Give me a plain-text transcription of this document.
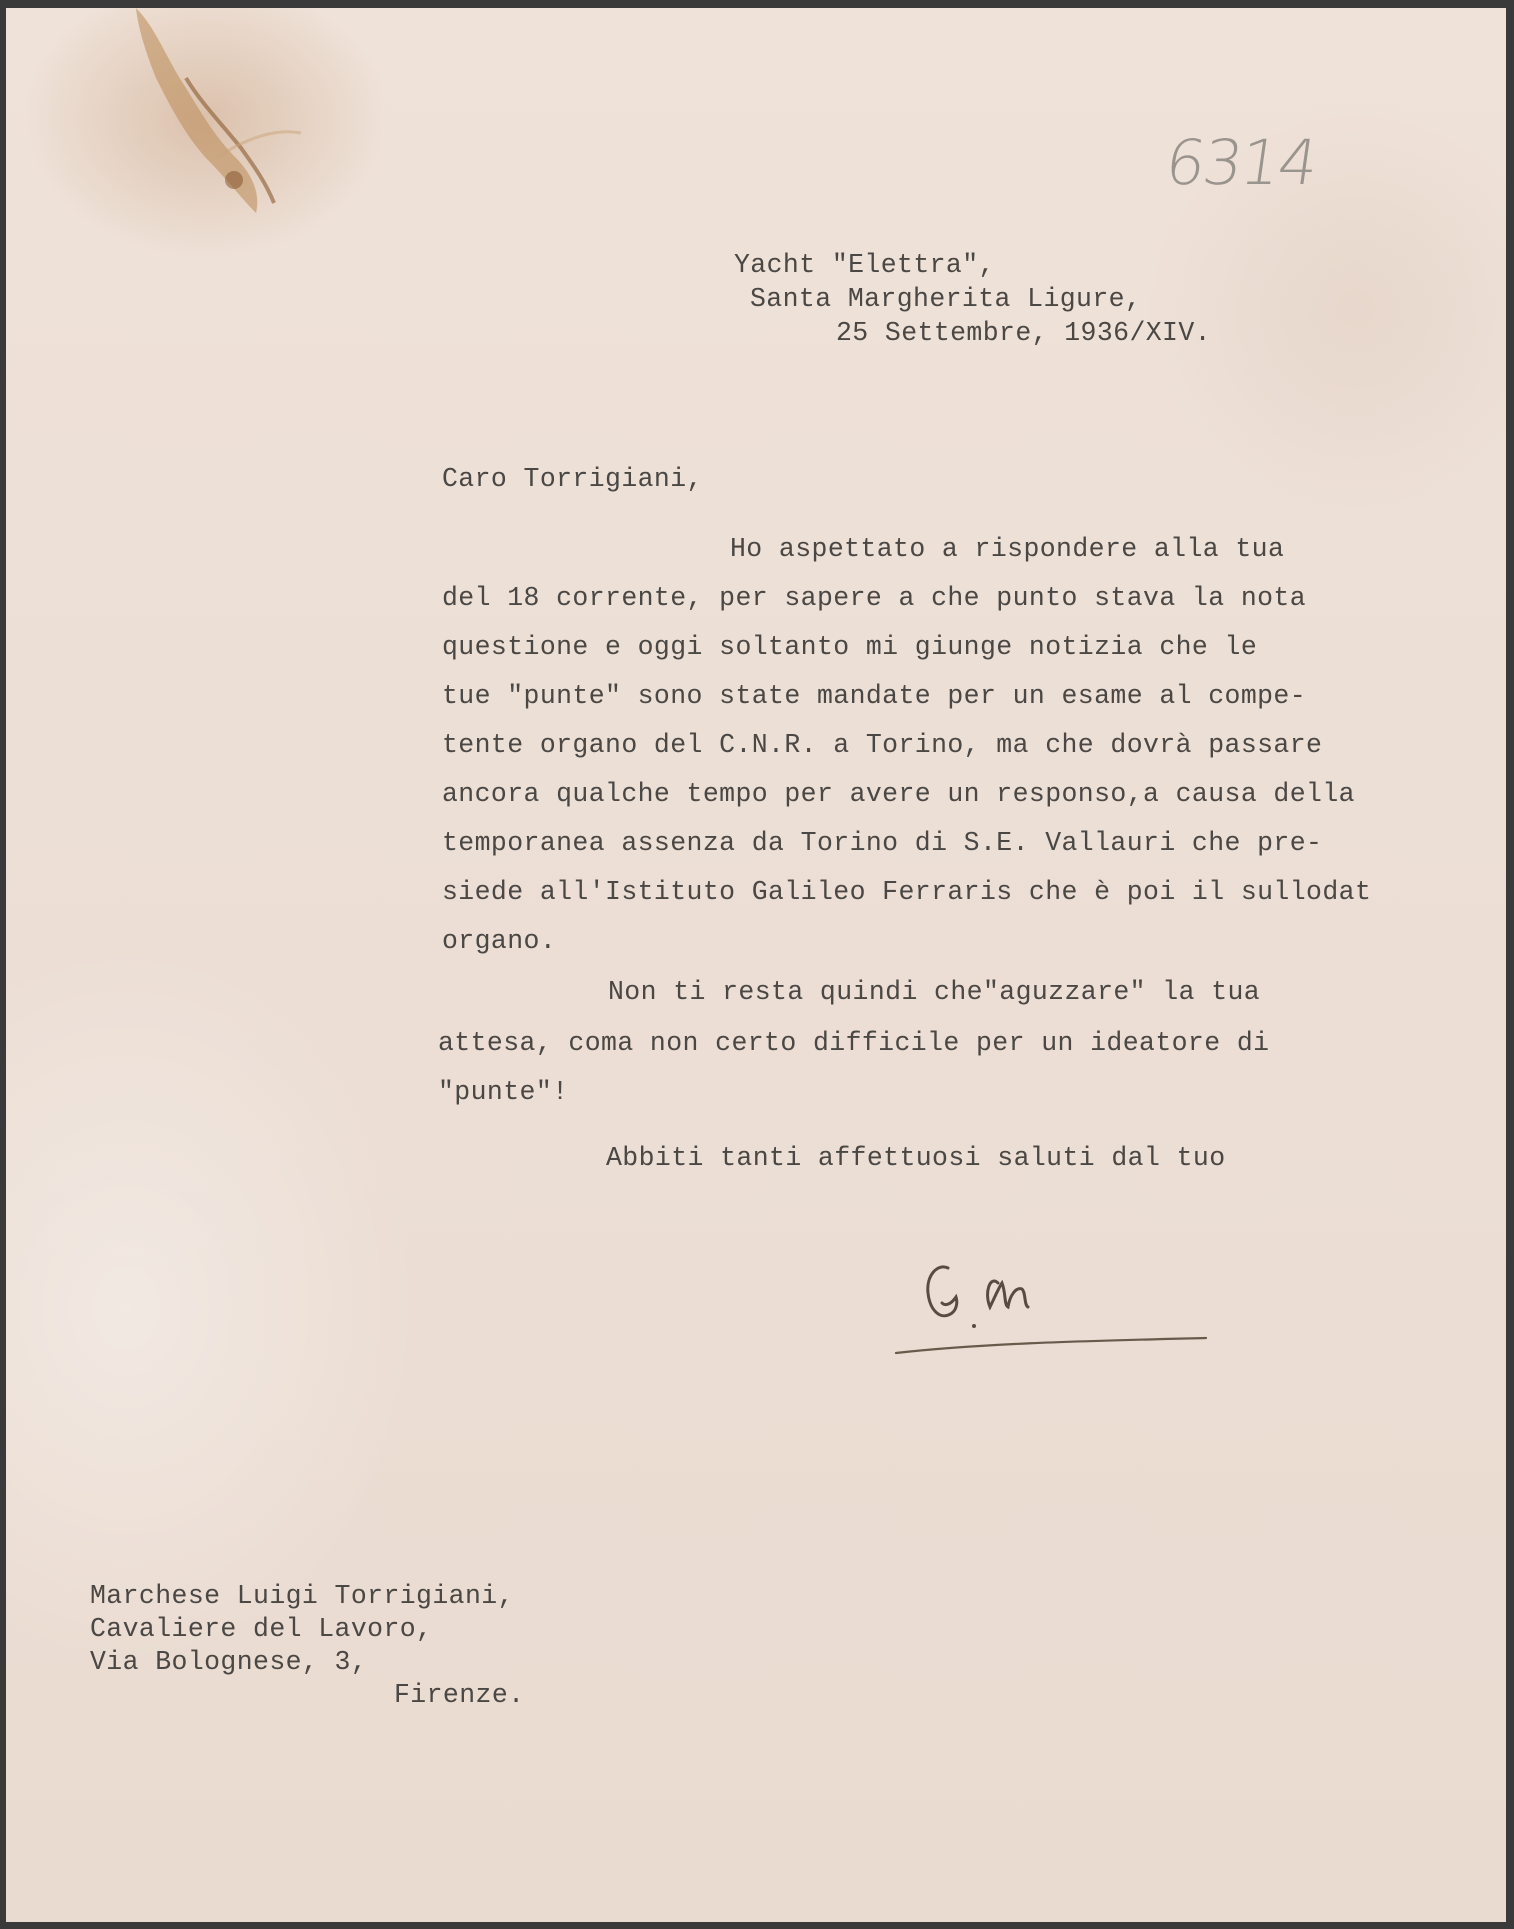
6314
Yacht "Elettra",
Santa Margherita Ligure,
25 Settembre, 1936/XIV.
Caro Torrigiani,
Ho aspettato a rispondere alla tua
del 18 corrente, per sapere a che punto stava la nota
questione e oggi soltanto mi giunge notizia che le
tue "punte" sono state mandate per un esame al compe-
tente organo del C.N.R. a Torino, ma che dovrà passare
ancora qualche tempo per avere un responso,a causa della
temporanea assenza da Torino di S.E. Vallauri che pre-
siede all'Istituto Galileo Ferraris che è poi il sullodat
organo.
Non ti resta quindi che"aguzzare" la tua
attesa, coma non certo difficile per un ideatore di
"punte"!
Abbiti tanti affettuosi saluti dal tuo
Marchese Luigi Torrigiani,
Cavaliere del Lavoro,
Via Bolognese, 3,
Firenze.
